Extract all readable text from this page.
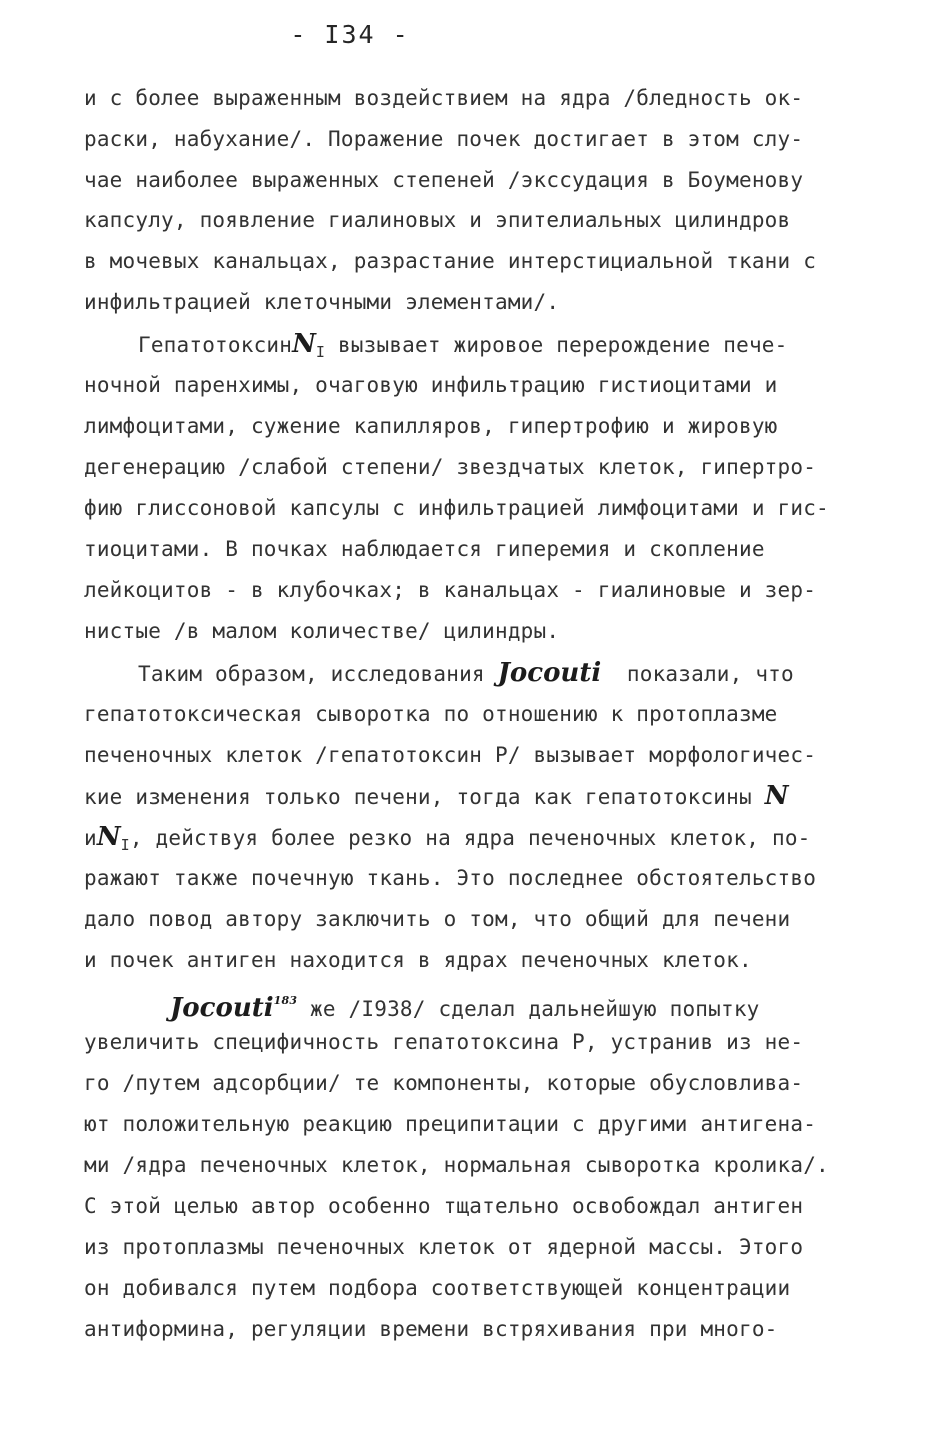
- I34 -
и с более выраженным воздействием на ядра /бледность ок-
раски, набухание/. Поражение почек достигает в этом слу-
чае наиболее выраженных степеней /экссудация в Боуменову
капсулу, появление гиалиновых и эпителиальных цилиндров
в мочевых канальцах, разрастание интерстициальной ткани с
инфильтрацией клеточными элементами/.
ГепатотоксинN$_I$ вызывает жировое перерождение пече-
ночной паренхимы, очаговую инфильтрацию гистиоцитами и
лимфоцитами, сужение капилляров, гипертрофию и жировую
дегенерацию /слабой степени/ звездчатых клеток, гипертро-
фию глиссоновой капсулы с инфильтрацией лимфоцитами и гис-
тиоцитами. В почках наблюдается гиперемия и скопление
лейкоцитов - в клубочках; в канальцах - гиалиновые и зер-
нистые /в малом количестве/ цилиндры.
Таким образом, исследования Jocouti  показали, что
гепатотоксическая сыворотка по отношению к протоплазме
печеночных клеток /гепатотоксин Р/ вызывает морфологичес-
кие изменения только печени, тогда как гепатотоксины N
$иN_I$, действуя более резко на ядра печеночных клеток, по-
ражают также почечную ткань. Это последнее обстоятельство
дало повод автору заключить о том, что общий для печени
и почек антиген находится в ядрах печеночных клеток.
Jocouti$^{183}$ же /I938/ сделал дальнейшую попытку
увеличить специфичность гепатотоксина Р, устранив из не-
го /путем адсорбции/ те компоненты, которые обусловлива-
ют положительную реакцию преципитации с другими антигена-
ми /ядра печеночных клеток, нормальная сыворотка кролика/.
С этой целью автор особенно тщательно освобождал антиген
из протоплазмы печеночных клеток от ядерной массы. Этого
он добивался путем подбора соответствующей концентрации
антиформина, регуляции времени встряхивания при много-
